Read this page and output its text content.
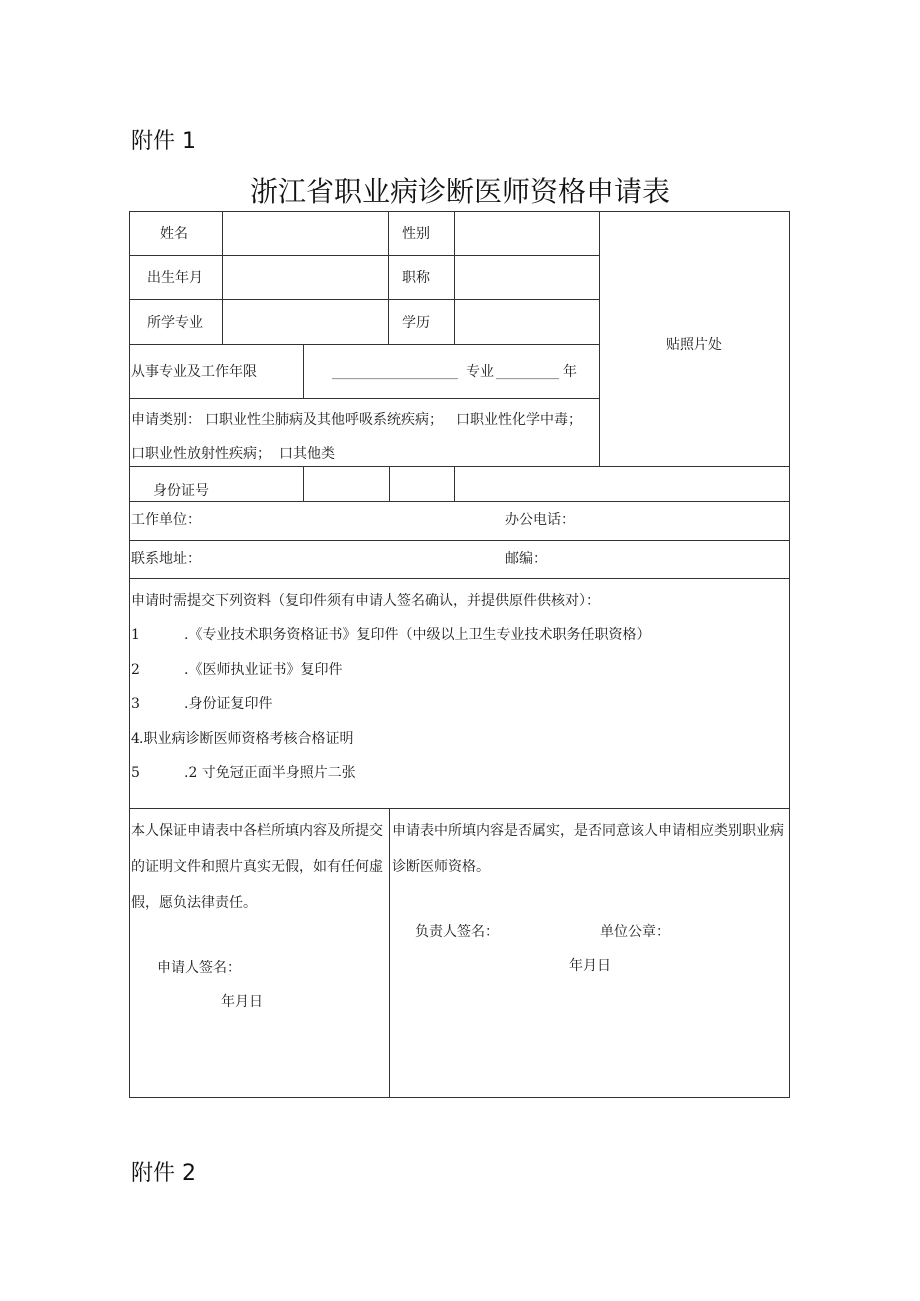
附件 1
浙江省职业病诊断医师资格申请表
姓名	性别
出生年月	职称
所学专业	学历
贴照片处
从事专业及工作年限	__________________ 专业 _________ 年
申请类别： 口职业性尘肺病及其他呼吸系统疾病； 口职业性化学中毒；
口职业性放射性疾病； 口其他类
身份证号
工作单位：	办公电话：
联系地址：	邮编：
申请时需提交下列资料（复印件须有申请人签名确认，并提供原件供核对）：
1	.《专业技术职务资格证书》复印件（中级以上卫生专业技术职务任职资格）
2	.《医师执业证书》复印件
3	.身份证复印件
4 .职业病诊断医师资格考核合格证明
5	.2 寸免冠正面半身照片二张
本人保证申请表中各栏所填内容及所提交的证明文件和照片真实无假，如有任何虚假，愿负法律责任。
申请人签名：
年月日
申请表中所填内容是否属实，是否同意该人申请相应类别职业病诊断医师资格。
负责人签名：	单位公章：
年月日
附件 2
